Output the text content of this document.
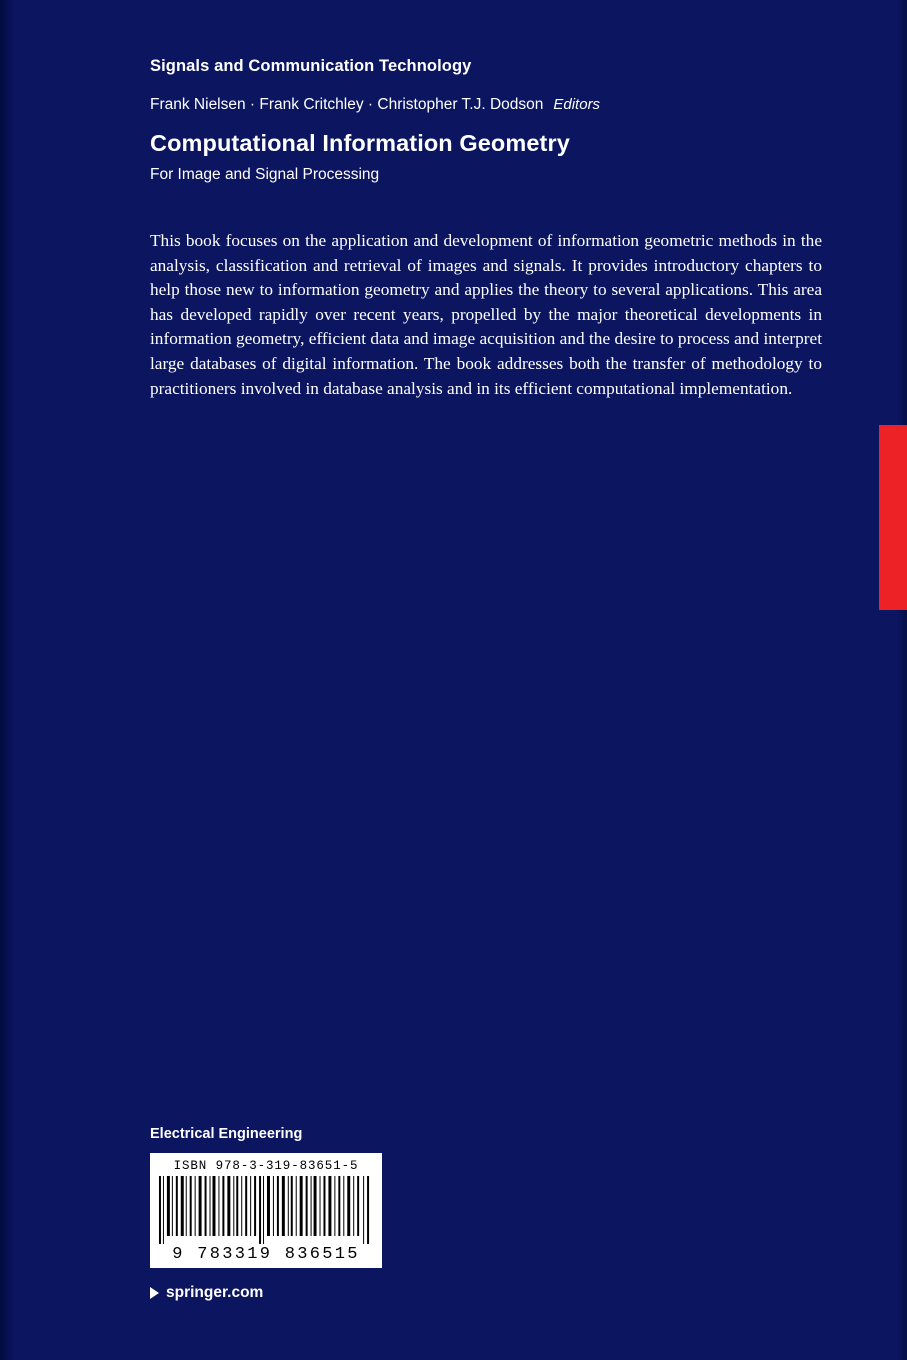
Signals and Communication Technology
Frank Nielsen · Frank Critchley · Christopher T.J. Dodson Editors
Computational Information Geometry
For Image and Signal Processing
This book focuses on the application and development of information geometric methods in the analysis, classification and retrieval of images and signals. It provides introductory chapters to help those new to information geometry and applies the theory to several applications. This area has developed rapidly over recent years, propelled by the major theoretical developments in information geometry, efficient data and image acquisition and the desire to process and interpret large databases of digital information. The book addresses both the transfer of methodology to practitioners involved in database analysis and in its efficient computational implementation.
Electrical Engineering
ISBN 978-3-319-83651-5
9 783319 836515
springer.com
